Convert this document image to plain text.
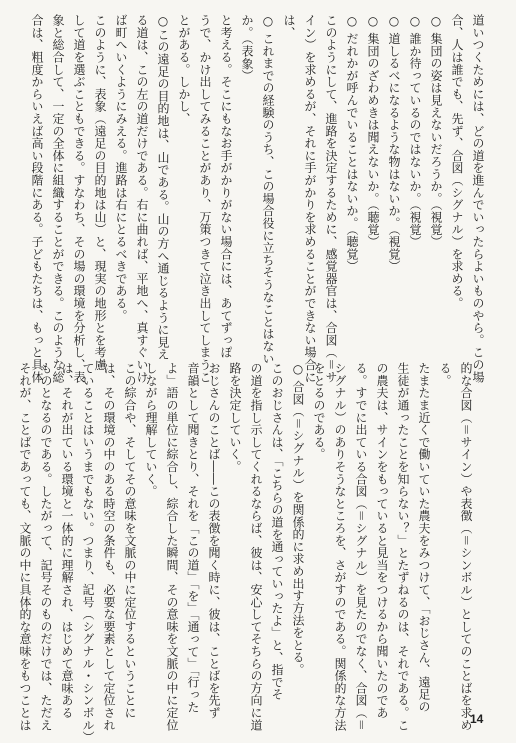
道いつくためには、どの道を進んでいったらよいものやら。この場

合、人は誰でも、先ず、合図（シグナル）を求める。

○ 集団の姿は見えないだろうか。（視覚）

○ 誰か待っているのではないか。（視覚）

○ 道しるべになるような物はないか。（視覚）

○ 集団のざわめきは聞えないか。（聴覚）

○ だれかが呼んでいることはないか。（聴覚）

このようにして、進路を決定するために、感覚器官は、合図（＝サ

イン）を求めるが、それに手がかりを求めることができない場合に

は、

○ これまでの経験のうち、この場合役に立ちそうなことはない

か。（表象）

と考える。そこにもなお手がかりがない場合には、あてずっぽ

うで、かけ出してみることがあり、万策つきて泣き出してしまうこ

とがある。しかし、

○この遠足の目的地は、山である。山の方へ通じるように見え

る道は、この左の道だけである。右に曲れば、平地へ、真すぐいけ

ば町へいくようにみえる。進路は右にとるべきである。

このように、表象（遠足の目的地は山）と、現実の地形とを考慮

して道を選ぶこともできる。すなわち、その場の環境を分析し、表

象と総合して、一定の全体に組織することができる。このような総

合は、粗度からいえば高い段階にある。子どもたちは、もっと具体

的な合図（＝サイン）や表徴（＝シンボル）としてのことばを求め

る。

たまたま近くで働いていた農夫をみつけて、「おじさん、遠足の

生徒が通ったことを知らない？」とたずねるのは、それである。こ

の農夫は、サインをもっていると見当をつけるから聞いたのであ

る。すでに出ている合図（＝シグナル）を見たのでなく、合図（＝

シグナル）のありそうなところを、さがすのである。関係的な方法

をとるのである。

○ 合図（＝シグナル）を関係的に求め出す方法をとる。

このおじさんは、「こちらの道を通っていったよ」と、指でそ

の道を指し示してくれるならば、彼は、安心してそちらの方向に道

路を決定していく。

おじさんのことば――この表徴を聞く時に、彼は、ことばを先ず

音韻として聞きとり、それを「この道」「を」「通って」「行った

よ」語の単位に綜合し、綜合した瞬間、その意味を文脈の中に定位

しながら理解していく。

この綜合や、そしてその意味を文脈の中に定位するということに

は、その環境の中のある時空の条件も、必要な要素として定位され

ていることはいうまでもない。つまり、記号（シグナル・シンボル）

は、それが出ている環境と一体的に理解され、はじめて意味ある

ものとなるのである。したがって、記号そのものだけでは、ただえ

それが、ことばであっても、文脈の中に具体的な意味をもつことは	14
